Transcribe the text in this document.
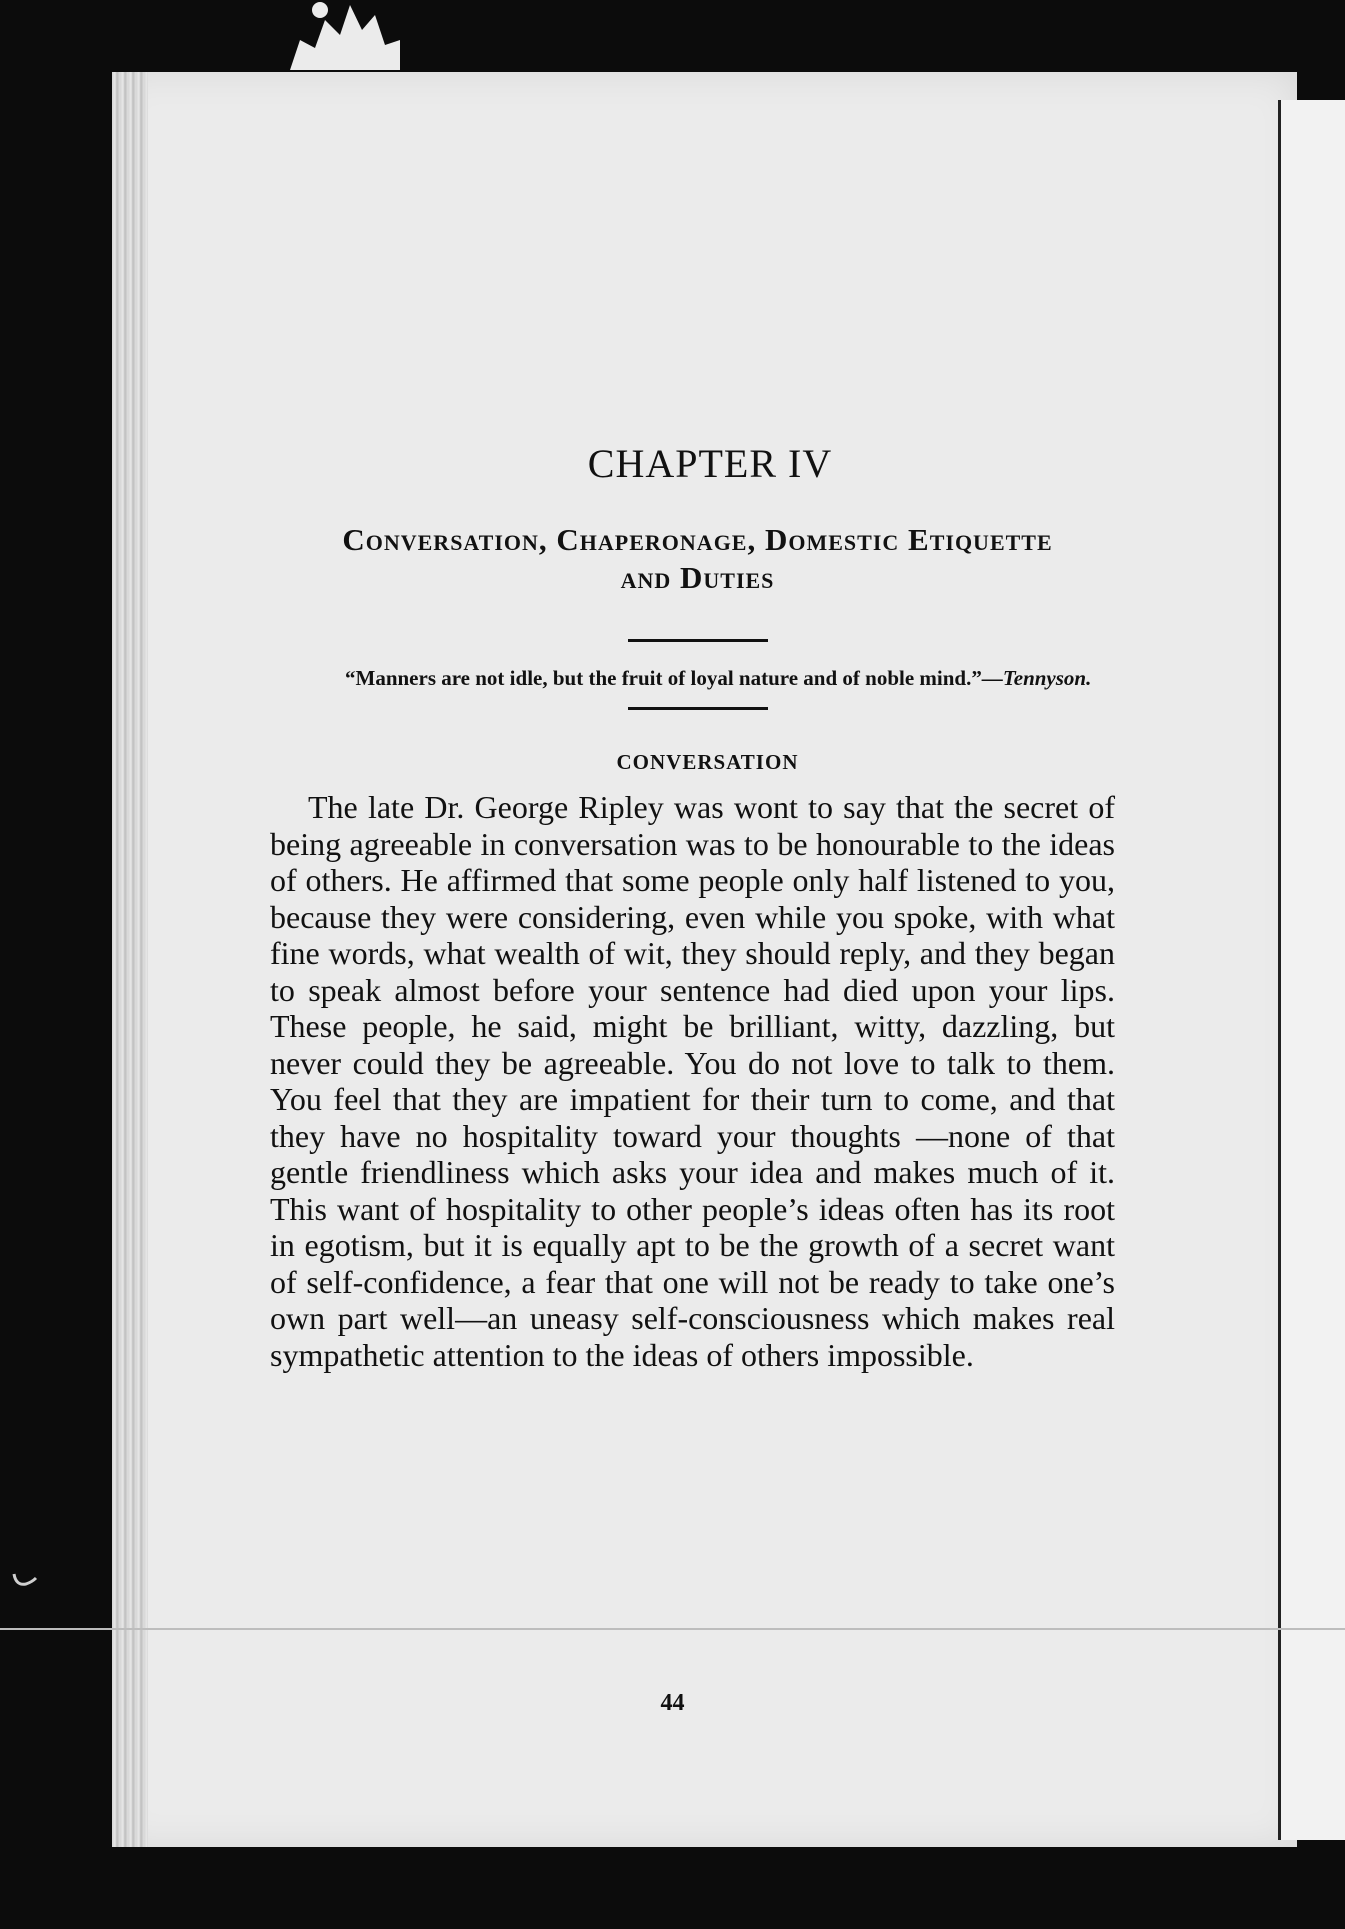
CHAPTER IV
Conversation, Chaperonage, Domestic Etiquette
and Duties
“Manners are not idle, but the fruit of loyal nature and of noble mind.”—Tennyson.
CONVERSATION

The late Dr. George Ripley was wont to say that the secret of being agreeable in conversation was to be honourable to the ideas of others. He affirmed that some people only half listened to you, because they were considering, even while you spoke, with what fine words, what wealth of wit, they should reply, and they began to speak almost before your sentence had died upon your lips. These people, he said, might be brilliant, witty, dazzling, but never could they be agreeable. You do not love to talk to them. You feel that they are impatient for their turn to come, and that they have no hospitality toward your thoughts —none of that gentle friendliness which asks your idea and makes much of it. This want of hospitality to other people’s ideas often has its root in egotism, but it is equally apt to be the growth of a secret want of self-confidence, a fear that one will not be ready to take one’s own part well—an uneasy self-consciousness which makes real sympathetic attention to the ideas of others impossible.

44
